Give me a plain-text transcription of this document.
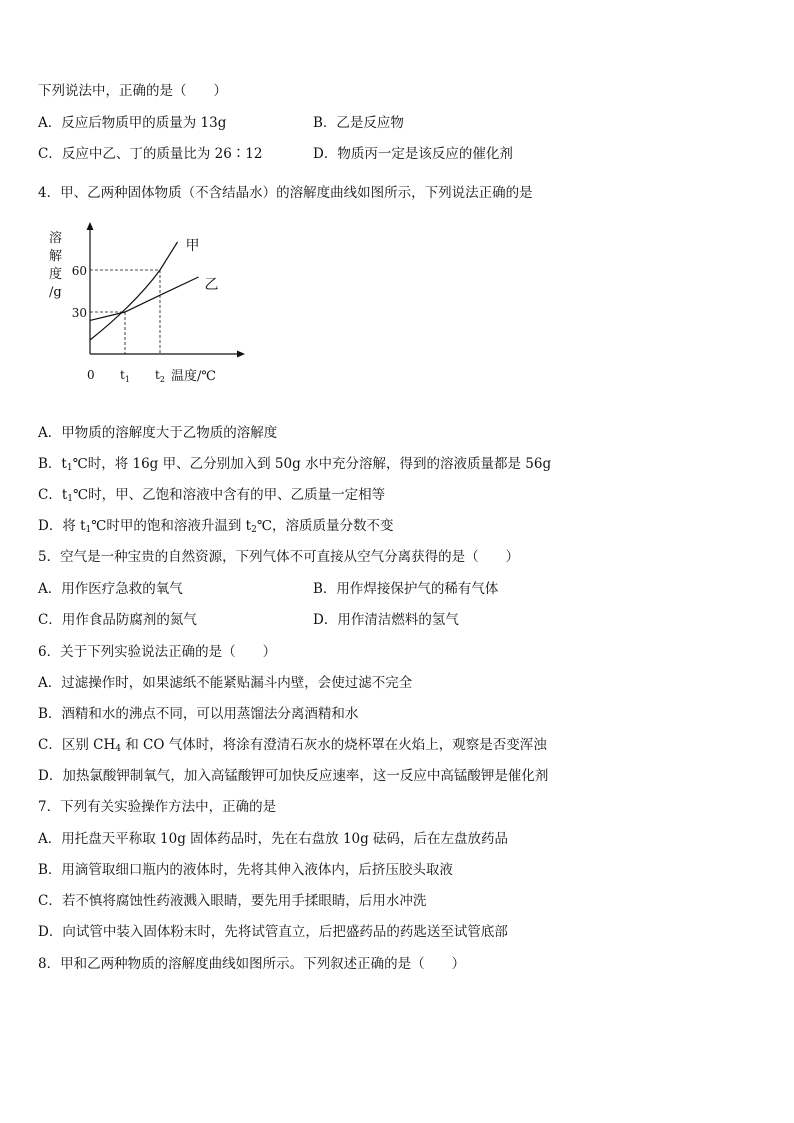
下列说法中，正确的是（　　）
A．反应后物质甲的质量为 13g	B．乙是反应物
C．反应中乙、丁的质量比为 26∶12	D．物质丙一定是该反应的催化剂
4．甲、乙两种固体物质（不含结晶水）的溶解度曲线如图所示，下列说法正确的是
30
60
$t_1$ $t_2$
0
甲
乙
溶
解
度
/g
温度/℃
A．甲物质的溶解度大于乙物质的溶解度
B．$t_1℃$时，将 16g 甲、乙分别加入到 50g 水中充分溶解，得到的溶液质量都是 56g
C．$t_1℃$时，甲、乙饱和溶液中含有的甲、乙质量一定相等
D．将 $t_1℃$时甲的饱和溶液升温到 $t_2℃$，溶质质量分数不变
5．空气是一种宝贵的自然资源，下列气体不可直接从空气分离获得的是（　　）
A．用作医疗急救的氧气	B．用作焊接保护气的稀有气体
C．用作食品防腐剂的氮气	D．用作清洁燃料的氢气
6．关于下列实验说法正确的是（　　）
A．过滤操作时，如果滤纸不能紧贴漏斗内壁，会使过滤不完全
B．酒精和水的沸点不同，可以用蒸馏法分离酒精和水
C．区别 $CH_4$ 和 CO 气体时，将涂有澄清石灰水的烧杯罩在火焰上，观察是否变浑浊
D．加热氯酸钾制氧气，加入高锰酸钾可加快反应速率，这一反应中高锰酸钾是催化剂
7．下列有关实验操作方法中，正确的是
A．用托盘天平称取 10g 固体药品时，先在右盘放 10g 砝码，后在左盘放药品
B．用滴管取细口瓶内的液体时，先将其伸入液体内，后挤压胶头取液
C．若不慎将腐蚀性药液溅入眼睛，要先用手揉眼睛，后用水冲洗
D．向试管中装入固体粉末时，先将试管直立，后把盛药品的药匙送至试管底部
8．甲和乙两种物质的溶解度曲线如图所示。下列叙述正确的是（　　）
